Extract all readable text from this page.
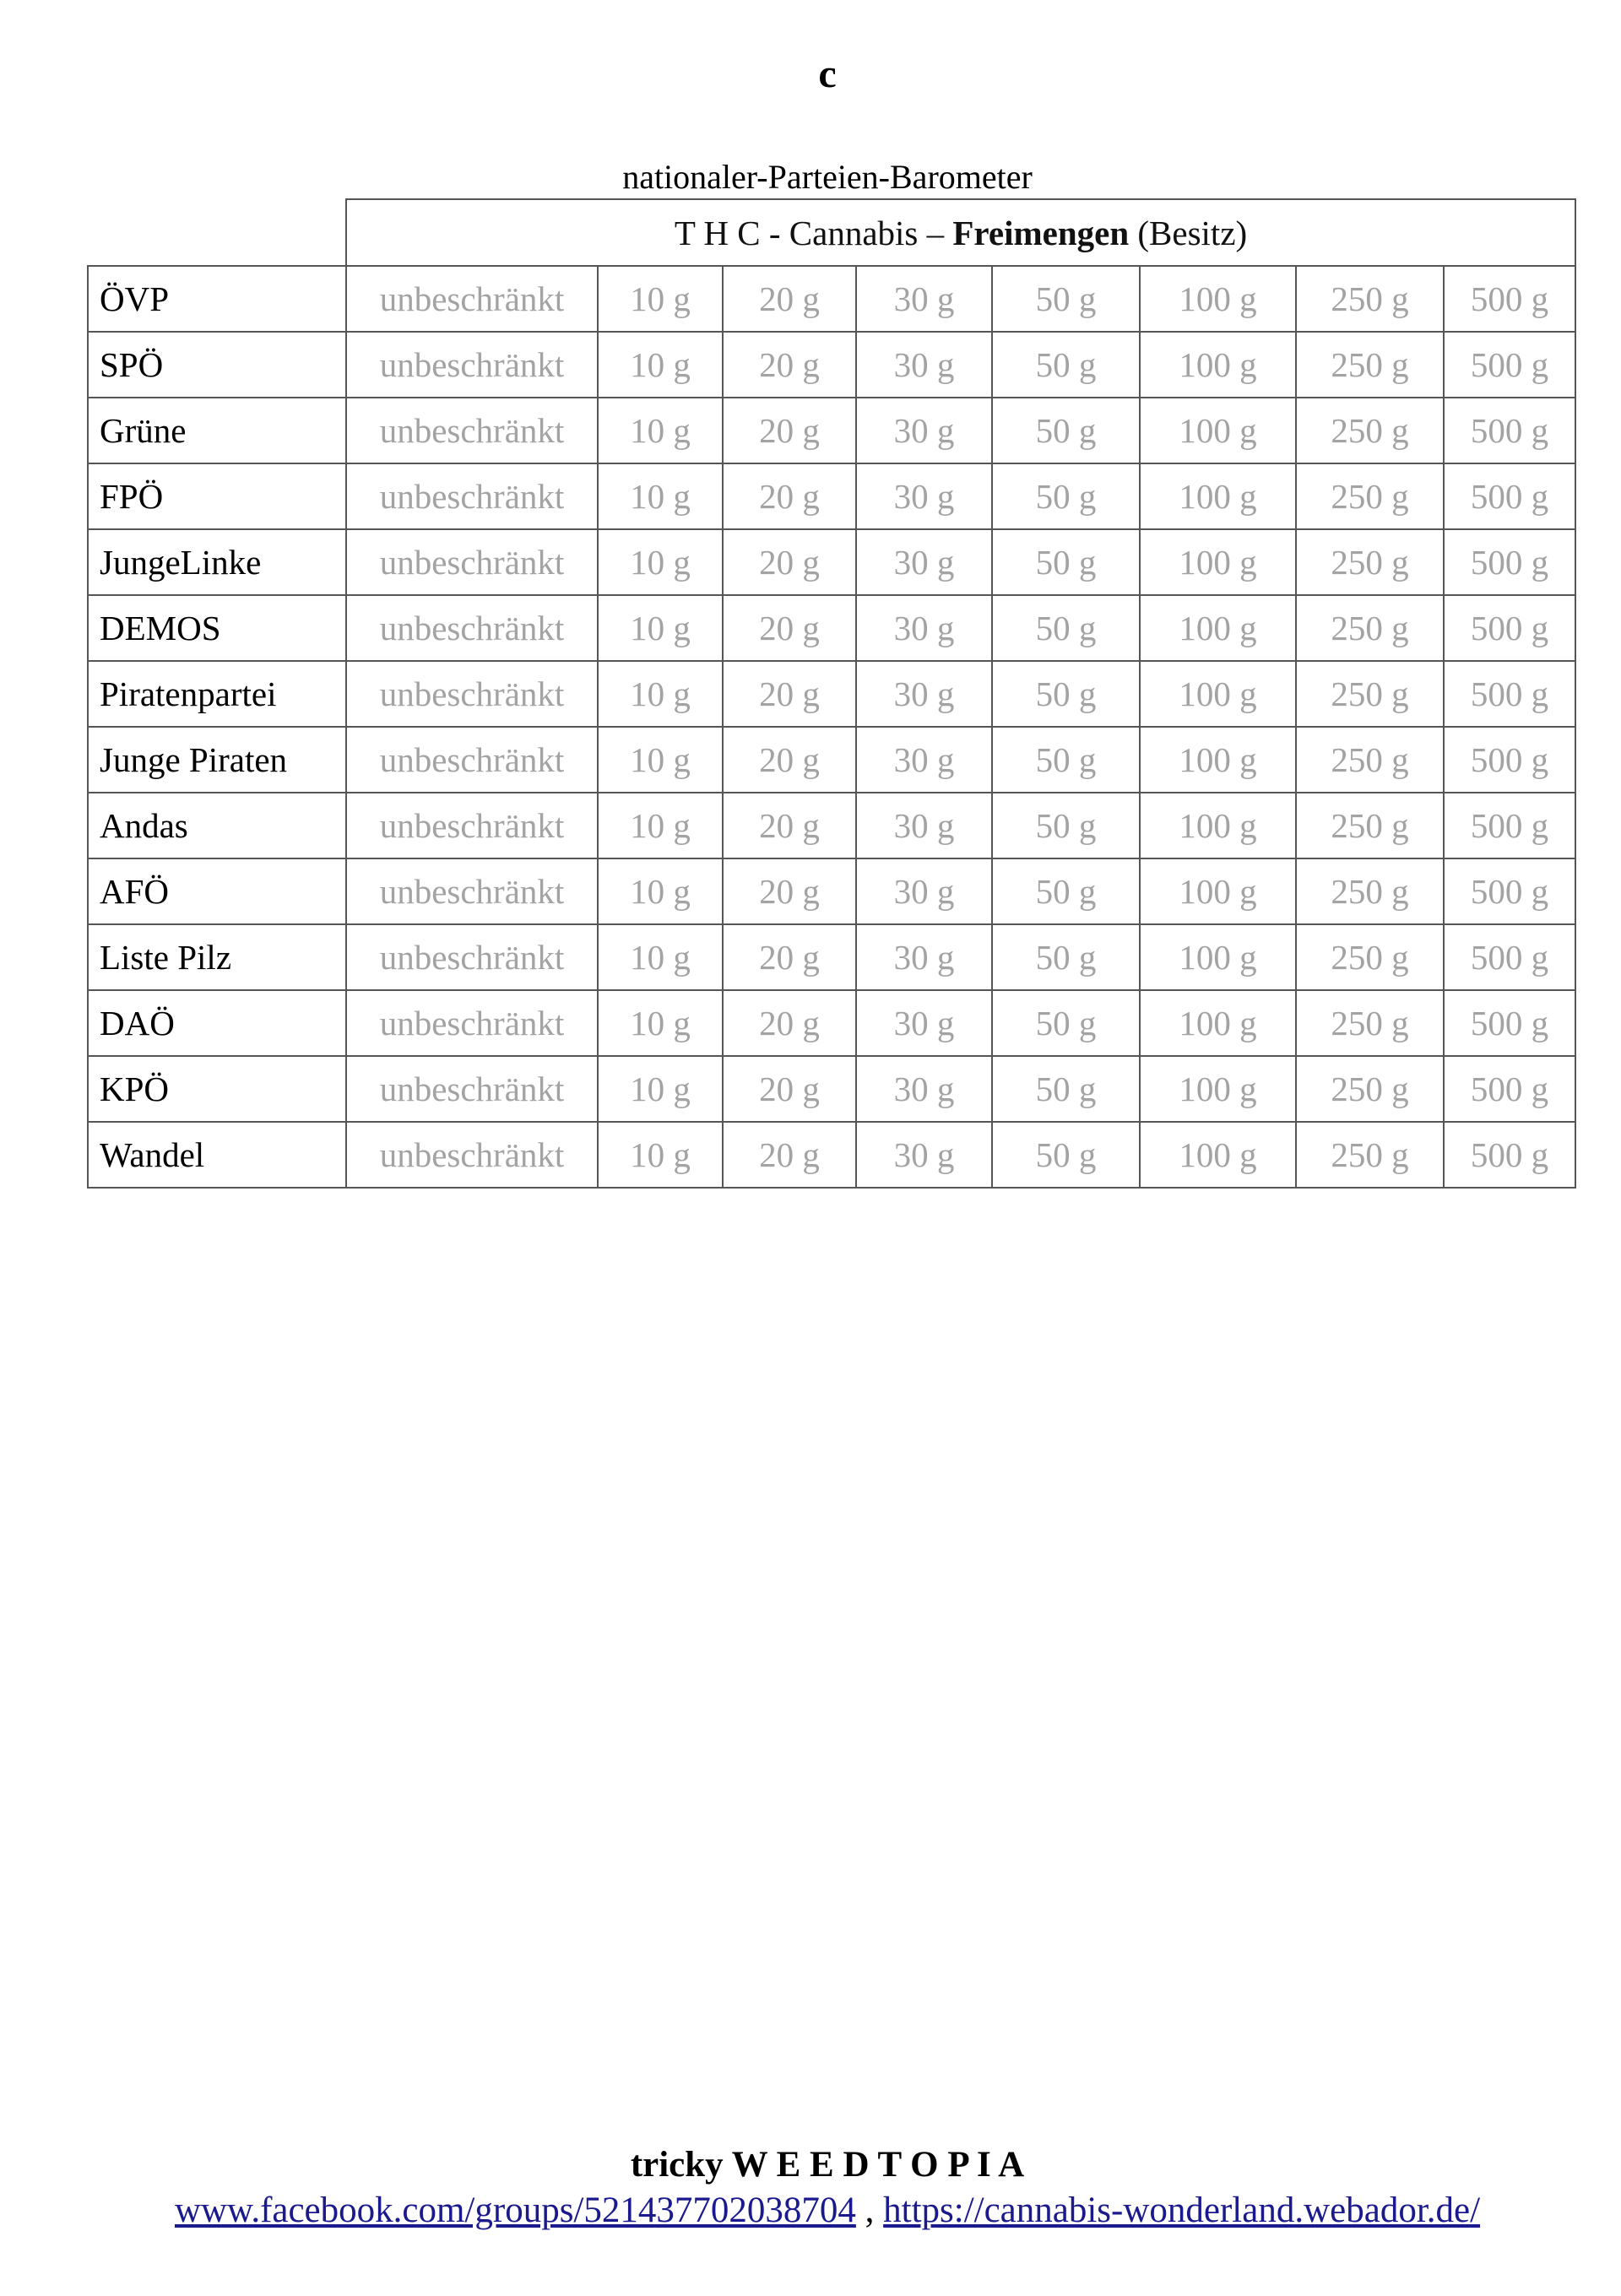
c
nationaler-Parteien-Barometer
	T H C - Cannabis – Freimengen (Besitz)							
ÖVP	unbeschränkt	10 g	20 g	30 g	50 g	100 g	250 g	500 g
SPÖ	unbeschränkt	10 g	20 g	30 g	50 g	100 g	250 g	500 g
Grüne	unbeschränkt	10 g	20 g	30 g	50 g	100 g	250 g	500 g
FPÖ	unbeschränkt	10 g	20 g	30 g	50 g	100 g	250 g	500 g
JungeLinke	unbeschränkt	10 g	20 g	30 g	50 g	100 g	250 g	500 g
DEMOS	unbeschränkt	10 g	20 g	30 g	50 g	100 g	250 g	500 g
Piratenpartei	unbeschränkt	10 g	20 g	30 g	50 g	100 g	250 g	500 g
Junge Piraten	unbeschränkt	10 g	20 g	30 g	50 g	100 g	250 g	500 g
Andas	unbeschränkt	10 g	20 g	30 g	50 g	100 g	250 g	500 g
AFÖ	unbeschränkt	10 g	20 g	30 g	50 g	100 g	250 g	500 g
Liste Pilz	unbeschränkt	10 g	20 g	30 g	50 g	100 g	250 g	500 g
DAÖ	unbeschränkt	10 g	20 g	30 g	50 g	100 g	250 g	500 g
KPÖ	unbeschränkt	10 g	20 g	30 g	50 g	100 g	250 g	500 g
Wandel	unbeschränkt	10 g	20 g	30 g	50 g	100 g	250 g	500 g
tricky W E E D T O P I A
www.facebook.com/groups/521437702038704 , https://cannabis-wonderland.webador.de/
